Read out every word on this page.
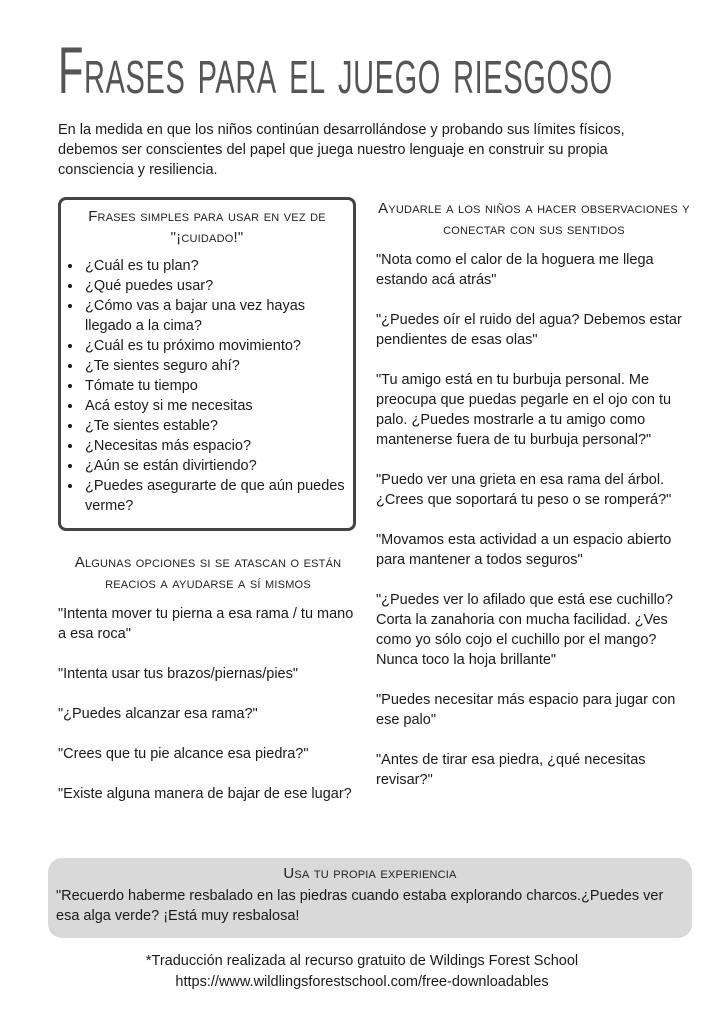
Frases para el juego riesgoso
En la medida en que los niños continúan desarrollándose y probando sus límites físicos, debemos ser conscientes del papel que juega nuestro lenguaje en construir su propia consciencia y resiliencia.
Frases simples para usar en vez de "¡cuidado!"
• ¿Cuál es tu plan?
• ¿Qué puedes usar?
• ¿Cómo vas a bajar una vez hayas llegado a la cima?
• ¿Cuál es tu próximo movimiento?
• ¿Te sientes seguro ahí?
• Tómate tu tiempo
• Acá estoy si me necesitas
• ¿Te sientes estable?
• ¿Necesitas más espacio?
• ¿Aún se están divirtiendo?
• ¿Puedes asegurarte de que aún puedes verme?
Algunas opciones si se atascan o están reacios a ayudarse a sí mismos

"Intenta mover tu pierna a esa rama / tu mano a esa roca"

"Intenta usar tus brazos/piernas/pies"

"¿Puedes alcanzar esa rama?"

"Crees que tu pie alcance esa piedra?"

"Existe alguna manera de bajar de ese lugar?

Ayudarle a los niños a hacer observaciones y conectar con sus sentidos

"Nota como el calor de la hoguera me llega estando acá atrás"

"¿Puedes oír el ruido del agua? Debemos estar pendientes de esas olas"

"Tu amigo está en tu burbuja personal. Me preocupa que puedas pegarle en el ojo con tu palo. ¿Puedes mostrarle a tu amigo como mantenerse fuera de tu burbuja personal?"

"Puedo ver una grieta en esa rama del árbol. ¿Crees que soportará tu peso o se romperá?"

"Movamos esta actividad a un espacio abierto para mantener a todos seguros"

"¿Puedes ver lo afilado que está ese cuchillo? Corta la zanahoria con mucha facilidad. ¿Ves como yo sólo cojo el cuchillo por el mango? Nunca toco la hoja brillante"

"Puedes necesitar más espacio para jugar con ese palo"

"Antes de tirar esa piedra, ¿qué necesitas revisar?"

Usa tu propia experiencia

"Recuerdo haberme resbalado en las piedras cuando estaba explorando charcos.¿Puedes ver esa alga verde? ¡Está muy resbalosa!

*Traducción realizada al recurso gratuito de Wildings Forest School
https://www.wildlingsforestschool.com/free-downloadables
